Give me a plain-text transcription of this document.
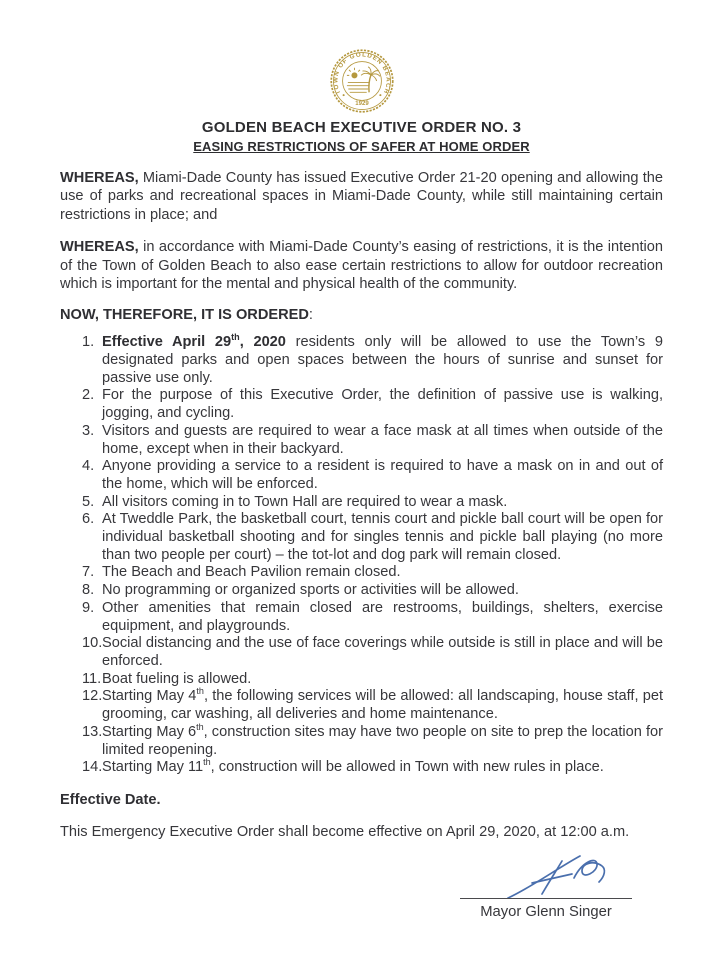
TOWN OF GOLDEN BEACH
1929
GOLDEN BEACH EXECUTIVE ORDER NO. 3
EASING RESTRICTIONS OF SAFER AT HOME ORDER

WHEREAS, Miami-Dade County has issued Executive Order 21-20 opening and allowing the use of parks and recreational spaces in Miami-Dade County, while still maintaining certain restrictions in place; and

WHEREAS, in accordance with Miami-Dade County’s easing of restrictions, it is the intention of the Town of Golden Beach to also ease certain restrictions to allow for outdoor recreation which is important for the mental and physical health of the community.

NOW, THEREFORE, IT IS ORDERED:

Effective April 29th, 2020 residents only will be allowed to use the Town’s 9 designated parks and open spaces between the hours of sunrise and sunset for passive use only.
For the purpose of this Executive Order, the definition of passive use is walking, jogging, and cycling.
Visitors and guests are required to wear a face mask at all times when outside of the home, except when in their backyard.
Anyone providing a service to a resident is required to have a mask on in and out of the home, which will be enforced.
All visitors coming in to Town Hall are required to wear a mask.
At Tweddle Park, the basketball court, tennis court and pickle ball court will be open for individual basketball shooting and for singles tennis and pickle ball playing (no more than two people per court) – the tot-lot and dog park will remain closed.
The Beach and Beach Pavilion remain closed.
No programming or organized sports or activities will be allowed.
Other amenities that remain closed are restrooms, buildings, shelters, exercise equipment, and playgrounds.
Social distancing and the use of face coverings while outside is still in place and will be enforced.
Boat fueling is allowed.
Starting May 4th, the following services will be allowed: all landscaping, house staff, pet grooming, car washing, all deliveries and home maintenance.
Starting May 6th, construction sites may have two people on site to prep the location for limited reopening.
Starting May 11th, construction will be allowed in Town with new rules in place.

Effective Date.

This Emergency Executive Order shall become effective on April 29, 2020, at 12:00 a.m.

Mayor Glenn Singer
